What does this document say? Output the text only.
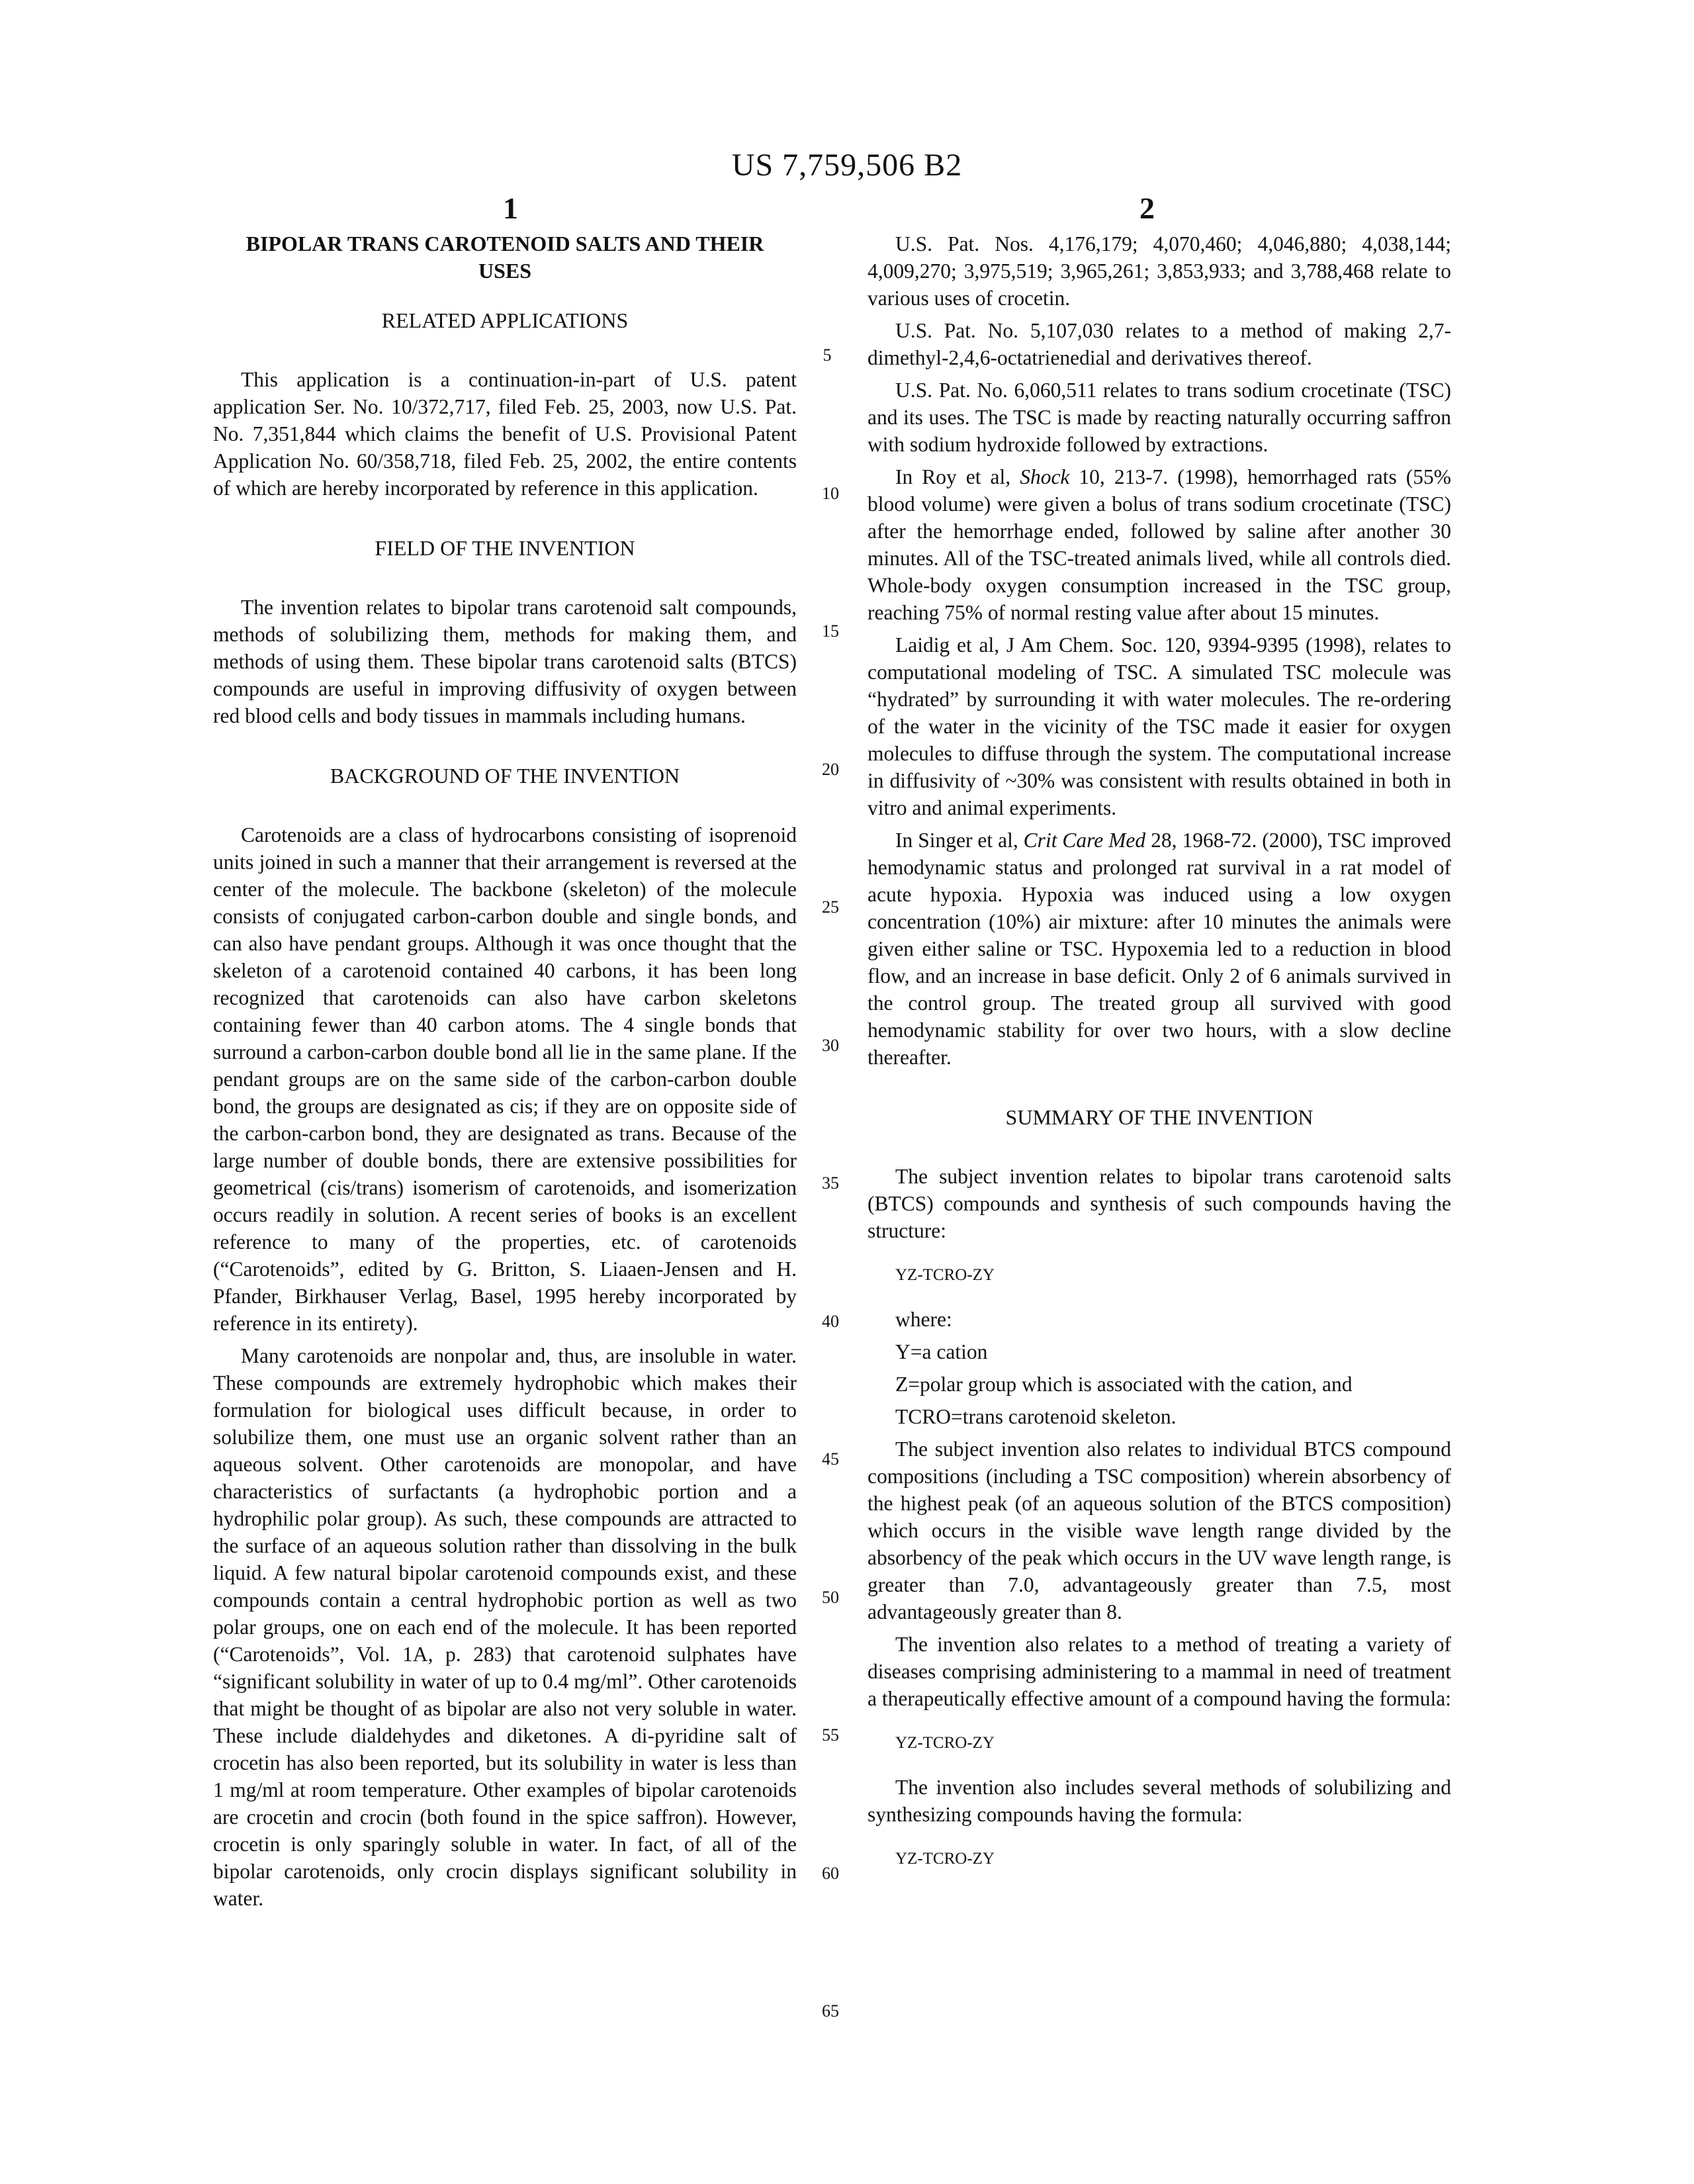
US 7,759,506 B2
1	2

BIPOLAR TRANS CAROTENOID SALTS AND THEIR USES

RELATED APPLICATIONS

This application is a continuation-in-part of U.S. patent application Ser. No. 10/372,717, filed Feb. 25, 2003, now U.S. Pat. No. 7,351,844 which claims the benefit of U.S. Provisional Patent Application No. 60/358,718, filed Feb. 25, 2002, the entire contents of which are hereby incorporated by reference in this application.

FIELD OF THE INVENTION

The invention relates to bipolar trans carotenoid salt compounds, methods of solubilizing them, methods for making them, and methods of using them. These bipolar trans carotenoid salts (BTCS) compounds are useful in improving diffusivity of oxygen between red blood cells and body tissues in mammals including humans.

BACKGROUND OF THE INVENTION

Carotenoids are a class of hydrocarbons consisting of isoprenoid units joined in such a manner that their arrangement is reversed at the center of the molecule. The backbone (skeleton) of the molecule consists of conjugated carbon-carbon double and single bonds, and can also have pendant groups. Although it was once thought that the skeleton of a carotenoid contained 40 carbons, it has been long recognized that carotenoids can also have carbon skeletons containing fewer than 40 carbon atoms. The 4 single bonds that surround a carbon-carbon double bond all lie in the same plane. If the pendant groups are on the same side of the carbon-carbon double bond, the groups are designated as cis; if they are on opposite side of the carbon-carbon bond, they are designated as trans. Because of the large number of double bonds, there are extensive possibilities for geometrical (cis/trans) isomerism of carotenoids, and isomerization occurs readily in solution. A recent series of books is an excellent reference to many of the properties, etc. of carotenoids (“Carotenoids”, edited by G. Britton, S. Liaaen-Jensen and H. Pfander, Birkhauser Verlag, Basel, 1995 hereby incorporated by reference in its entirety).

Many carotenoids are nonpolar and, thus, are insoluble in water. These compounds are extremely hydrophobic which makes their formulation for biological uses difficult because, in order to solubilize them, one must use an organic solvent rather than an aqueous solvent. Other carotenoids are monopolar, and have characteristics of surfactants (a hydrophobic portion and a hydrophilic polar group). As such, these compounds are attracted to the surface of an aqueous solution rather than dissolving in the bulk liquid. A few natural bipolar carotenoid compounds exist, and these compounds contain a central hydrophobic portion as well as two polar groups, one on each end of the molecule. It has been reported (“Carotenoids”, Vol. 1A, p. 283) that carotenoid sulphates have “significant solubility in water of up to 0.4 mg/ml”. Other carotenoids that might be thought of as bipolar are also not very soluble in water. These include dialdehydes and diketones. A di-pyridine salt of crocetin has also been reported, but its solubility in water is less than 1 mg/ml at room temperature. Other examples of bipolar carotenoids are crocetin and crocin (both found in the spice saffron). However, crocetin is only sparingly soluble in water. In fact, of all of the bipolar carotenoids, only crocin displays significant solubility in water.

U.S. Pat. Nos. 4,176,179; 4,070,460; 4,046,880; 4,038,144; 4,009,270; 3,975,519; 3,965,261; 3,853,933; and 3,788,468 relate to various uses of crocetin.

U.S. Pat. No. 5,107,030 relates to a method of making 2,7-dimethyl-2,4,6-octatrienedial and derivatives thereof.

U.S. Pat. No. 6,060,511 relates to trans sodium crocetinate (TSC) and its uses. The TSC is made by reacting naturally occurring saffron with sodium hydroxide followed by extractions.

In Roy et al, Shock 10, 213-7. (1998), hemorrhaged rats (55% blood volume) were given a bolus of trans sodium crocetinate (TSC) after the hemorrhage ended, followed by saline after another 30 minutes. All of the TSC-treated animals lived, while all controls died. Whole-body oxygen consumption increased in the TSC group, reaching 75% of normal resting value after about 15 minutes.

Laidig et al, J Am Chem. Soc. 120, 9394-9395 (1998), relates to computational modeling of TSC. A simulated TSC molecule was “hydrated” by surrounding it with water molecules. The re-ordering of the water in the vicinity of the TSC made it easier for oxygen molecules to diffuse through the system. The computational increase in diffusivity of ~30% was consistent with results obtained in both in vitro and animal experiments.

In Singer et al, Crit Care Med 28, 1968-72. (2000), TSC improved hemodynamic status and prolonged rat survival in a rat model of acute hypoxia. Hypoxia was induced using a low oxygen concentration (10%) air mixture: after 10 minutes the animals were given either saline or TSC. Hypoxemia led to a reduction in blood flow, and an increase in base deficit. Only 2 of 6 animals survived in the control group. The treated group all survived with good hemodynamic stability for over two hours, with a slow decline thereafter.

SUMMARY OF THE INVENTION

The subject invention relates to bipolar trans carotenoid salts (BTCS) compounds and synthesis of such compounds having the structure:

YZ-TCRO-ZY

where:

Y=a cation

Z=polar group which is associated with the cation, and

TCRO=trans carotenoid skeleton.

The subject invention also relates to individual BTCS compound compositions (including a TSC composition) wherein absorbency of the highest peak (of an aqueous solution of the BTCS composition) which occurs in the visible wave length range divided by the absorbency of the peak which occurs in the UV wave length range, is greater than 7.0, advantageously greater than 7.5, most advantageously greater than 8.

The invention also relates to a method of treating a variety of diseases comprising administering to a mammal in need of treatment a therapeutically effective amount of a compound having the formula:

YZ-TCRO-ZY

The invention also includes several methods of solubilizing and synthesizing compounds having the formula:

YZ-TCRO-ZY

5
10
15
20
25
30
35
40
45
50
55
60
65
